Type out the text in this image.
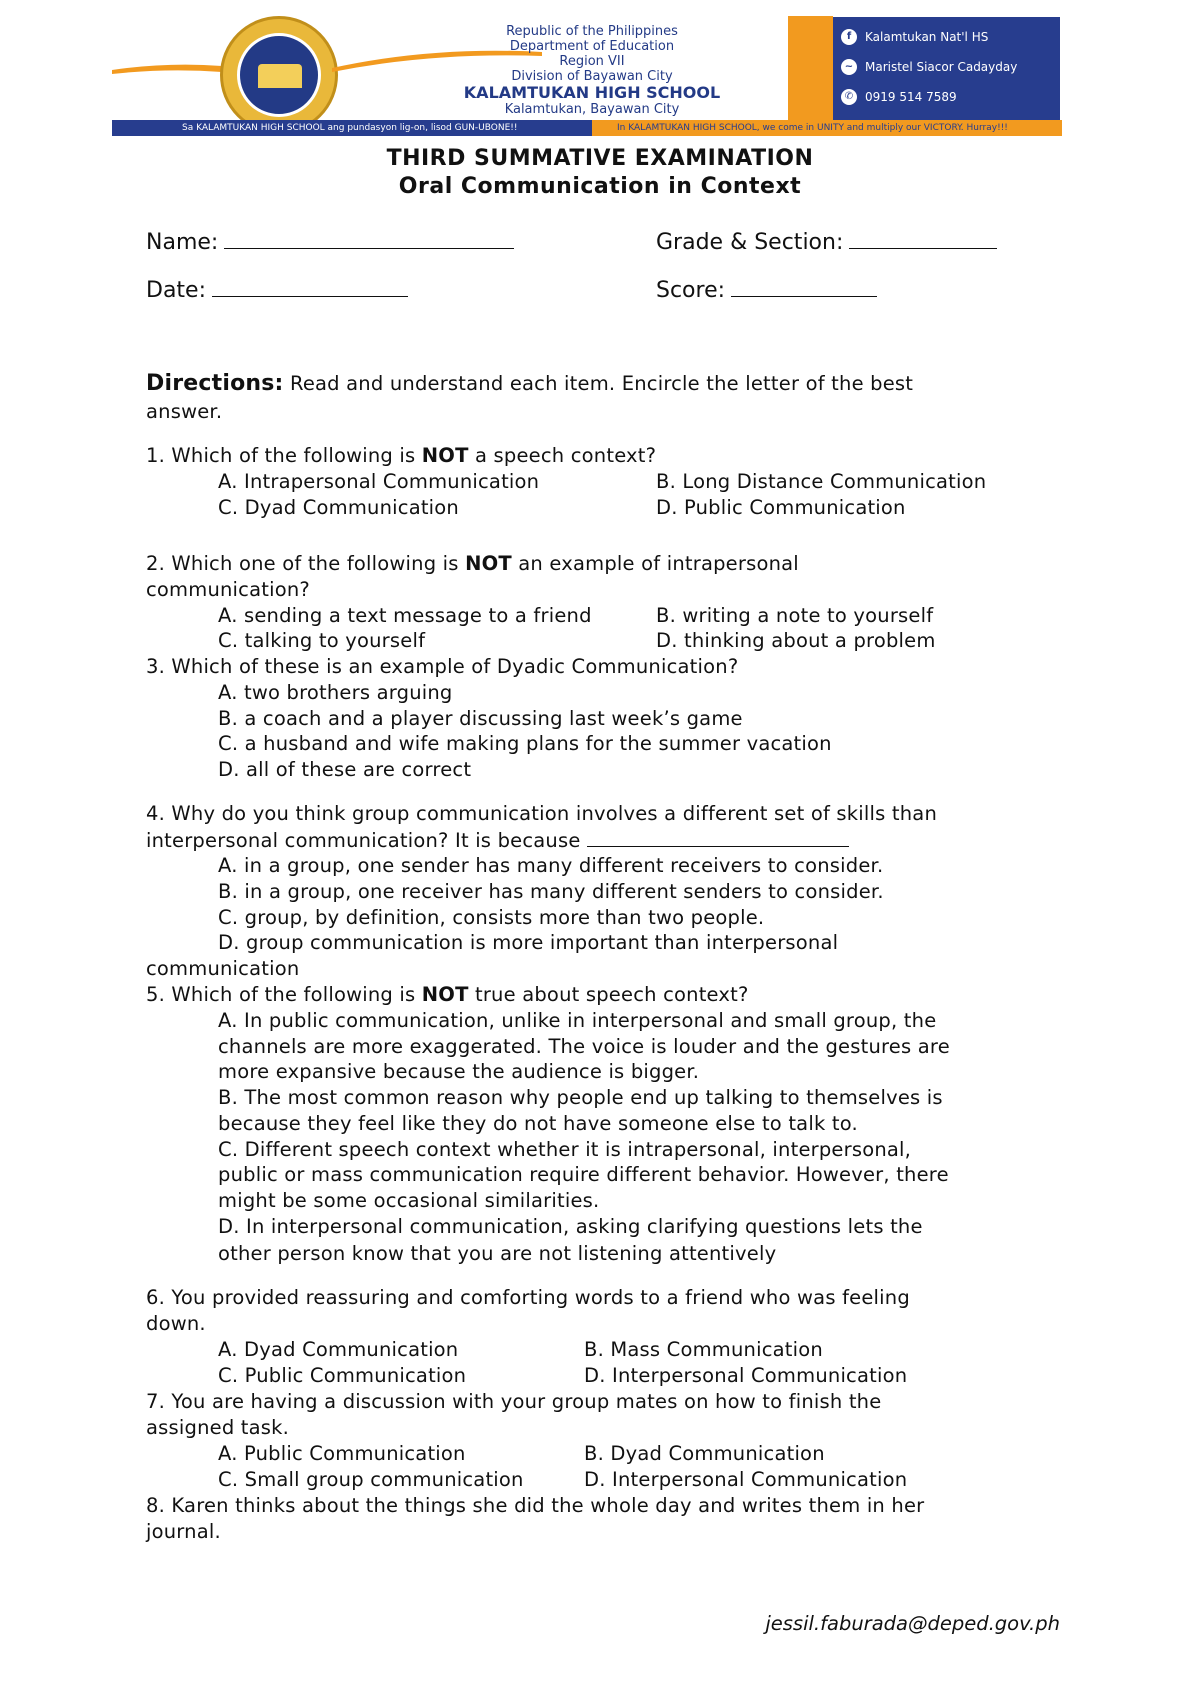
Republic of the Philippines
Department of Education
Region VII
Division of Bayawan City
KALAMTUKAN HIGH SCHOOL
Kalamtukan, Bayawan City
f	Kalamtukan Nat'l HS
~ Maristel Siacor Cadayday
✆ 0919 514 7589
Sa KALAMTUKAN HIGH SCHOOL ang pundasyon lig-on, lisod GUN-UBONE!!	In KALAMTUKAN HIGH SCHOOL, we come in UNITY and multiply our VICTORY. Hurray!!!
THIRD SUMMATIVE EXAMINATION
Oral Communication in Context
Name:	Grade & Section:
Date:	Score:
Directions: Read and understand each item. Encircle the letter of the best
answer.
1. Which of the following is NOT a speech context?
A. Intrapersonal Communication	B. Long Distance Communication
C. Dyad Communication	D. Public Communication
2. Which one of the following is NOT an example of intrapersonal
communication?
A. sending a text message to a friend	B. writing a note to yourself
C. talking to yourself	D. thinking about a problem
3. Which of these is an example of Dyadic Communication?
A. two brothers arguing
B. a coach and a player discussing last week’s game
C. a husband and wife making plans for the summer vacation
D. all of these are correct
4. Why do you think group communication involves a different set of skills than
interpersonal communication? It is because
A. in a group, one sender has many different receivers to consider.
B. in a group, one receiver has many different senders to consider.
C. group, by definition, consists more than two people.
D. group communication is more important than interpersonal
communication
5. Which of the following is NOT true about speech context?
A. In public communication, unlike in interpersonal and small group, the
channels are more exaggerated. The voice is louder and the gestures are
more expansive because the audience is bigger.
B. The most common reason why people end up talking to themselves is
because they feel like they do not have someone else to talk to.
C. Different speech context whether it is intrapersonal, interpersonal,
public or mass communication require different behavior. However, there
might be some occasional similarities.
D. In interpersonal communication, asking clarifying questions lets the
other person know that you are not listening attentively
6. You provided reassuring and comforting words to a friend who was feeling
down.
A. Dyad Communication	B. Mass Communication
C. Public Communication	D. Interpersonal Communication
7. You are having a discussion with your group mates on how to finish the
assigned task.
A. Public Communication	B. Dyad Communication
C. Small group communication	D. Interpersonal Communication
8. Karen thinks about the things she did the whole day and writes them in her
journal.
jessil.faburada@deped.gov.ph
